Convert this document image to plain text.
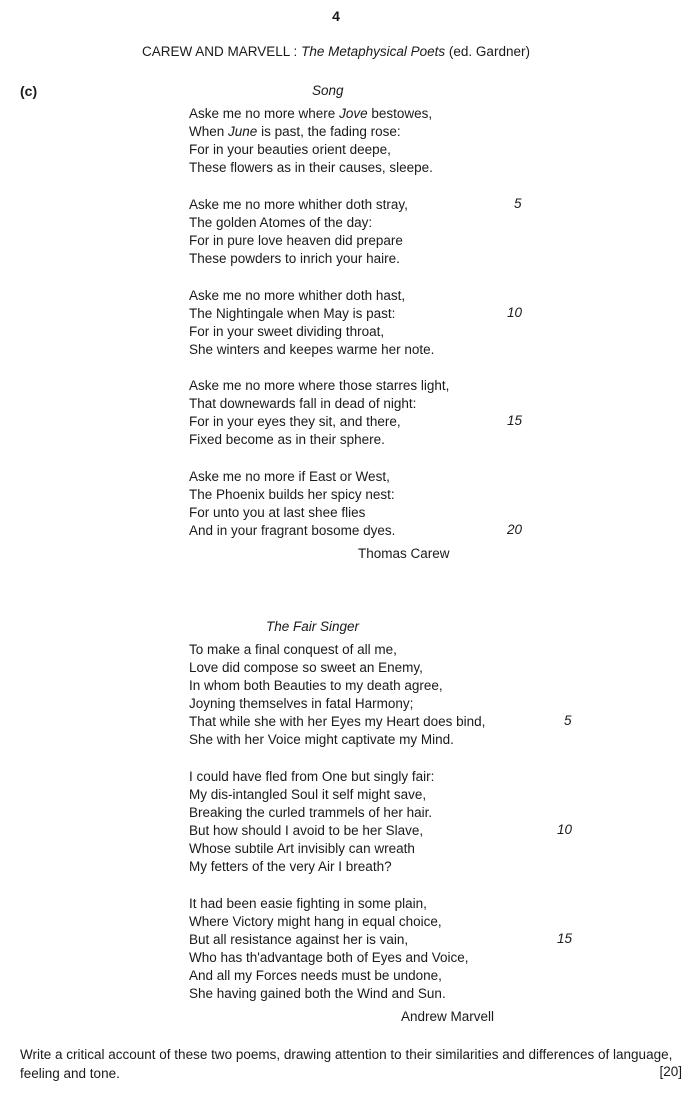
4
CAREW AND MARVELL : The Metaphysical Poets (ed. Gardner)
(c)	Song
Aske me no more where Jove bestowes,
When June is past, the fading rose:
For in your beauties orient deepe,
These flowers as in their causes, sleepe.
Aske me no more whither doth stray,
The golden Atomes of the day:
For in pure love heaven did prepare
These powders to inrich your haire.
Aske me no more whither doth hast,
The Nightingale when May is past:
For in your sweet dividing throat,
She winters and keepes warme her note.
Aske me no more where those starres light,
That downewards fall in dead of night:
For in your eyes they sit, and there,
Fixed become as in their sphere.
Aske me no more if East or West,
The Phoenix builds her spicy nest:
For unto you at last shee flies
And in your fragrant bosome dyes.
5
10
15
20
Thomas Carew
The Fair Singer
To make a final conquest of all me,
Love did compose so sweet an Enemy,
In whom both Beauties to my death agree,
Joyning themselves in fatal Harmony;
That while she with her Eyes my Heart does bind,
She with her Voice might captivate my Mind.
I could have fled from One but singly fair:
My dis-intangled Soul it self might save,
Breaking the curled trammels of her hair.
But how should I avoid to be her Slave,
Whose subtile Art invisibly can wreath
My fetters of the very Air I breath?
It had been easie fighting in some plain,
Where Victory might hang in equal choice,
But all resistance against her is vain,
Who has th'advantage both of Eyes and Voice,
And all my Forces needs must be undone,
She having gained both the Wind and Sun.
5
10
15
Andrew Marvell
Write a critical account of these two poems, drawing attention to their similarities and differences of language, feeling and tone.	[20]
